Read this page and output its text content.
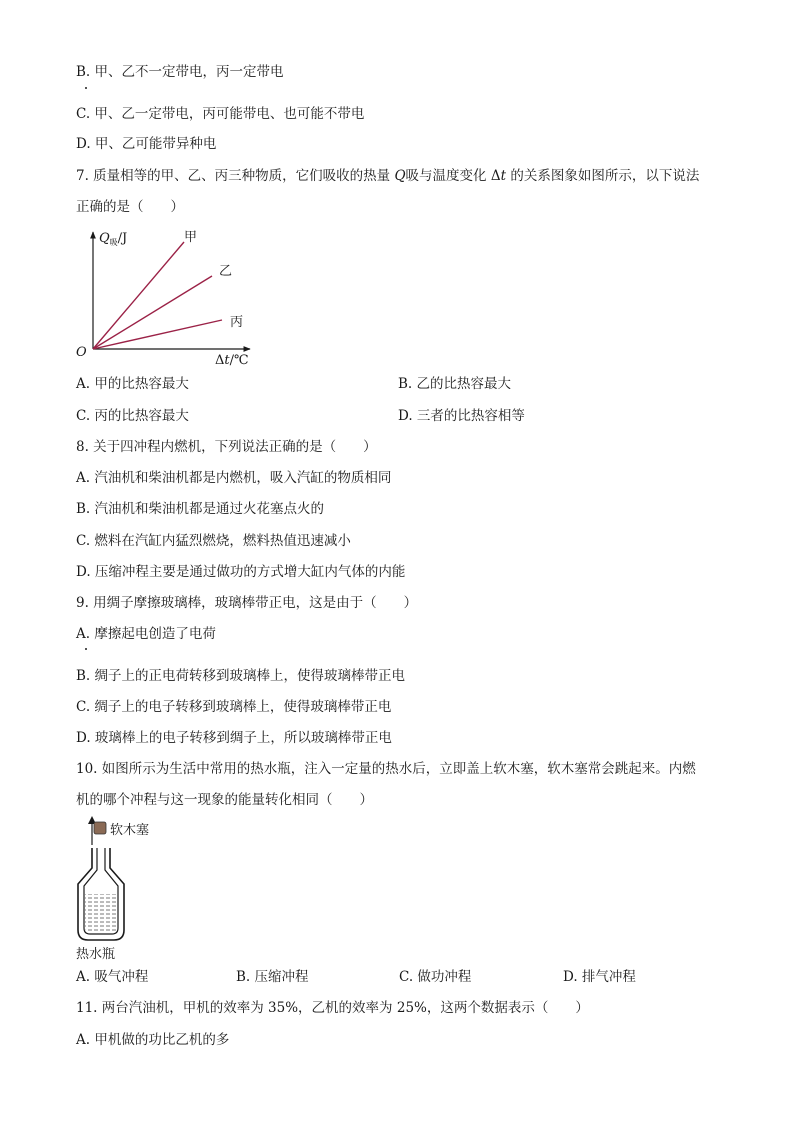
B. 甲、乙不一定带电，丙一定带电
C. 甲、乙一定带电，丙可能带电、也可能不带电
D. 甲、乙可能带异种电
7. 质量相等的甲、乙、丙三种物质，它们吸收的热量 Q吸与温度变化 Δt 的关系图象如图所示，以下说法
正确的是（　　）
$Q_吸/J$	甲
乙
丙
O
Δt/℃
A. 甲的比热容最大	B. 乙的比热容最大
C. 丙的比热容最大	D. 三者的比热容相等
8. 关于四冲程内燃机，下列说法正确的是（　　）
A. 汽油机和柴油机都是内燃机，吸入汽缸的物质相同
B. 汽油机和柴油机都是通过火花塞点火的
C. 燃料在汽缸内猛烈燃烧，燃料热值迅速减小
D. 压缩冲程主要是通过做功的方式增大缸内气体的内能
9. 用绸子摩擦玻璃棒，玻璃棒带正电，这是由于（　　）
A. 摩擦起电创造了电荷
B. 绸子上的正电荷转移到玻璃棒上，使得玻璃棒带正电
C. 绸子上的电子转移到玻璃棒上，使得玻璃棒带正电
D. 玻璃棒上的电子转移到绸子上，所以玻璃棒带正电
10. 如图所示为生活中常用的热水瓶，注入一定量的热水后，立即盖上软木塞，软木塞常会跳起来。内燃
机的哪个冲程与这一现象的能量转化相同（　　）
软木塞
热水瓶
A. 吸气冲程	B. 压缩冲程	C. 做功冲程	D. 排气冲程
11. 两台汽油机，甲机的效率为 35%，乙机的效率为 25%，这两个数据表示（　　）
A. 甲机做的功比乙机的多
